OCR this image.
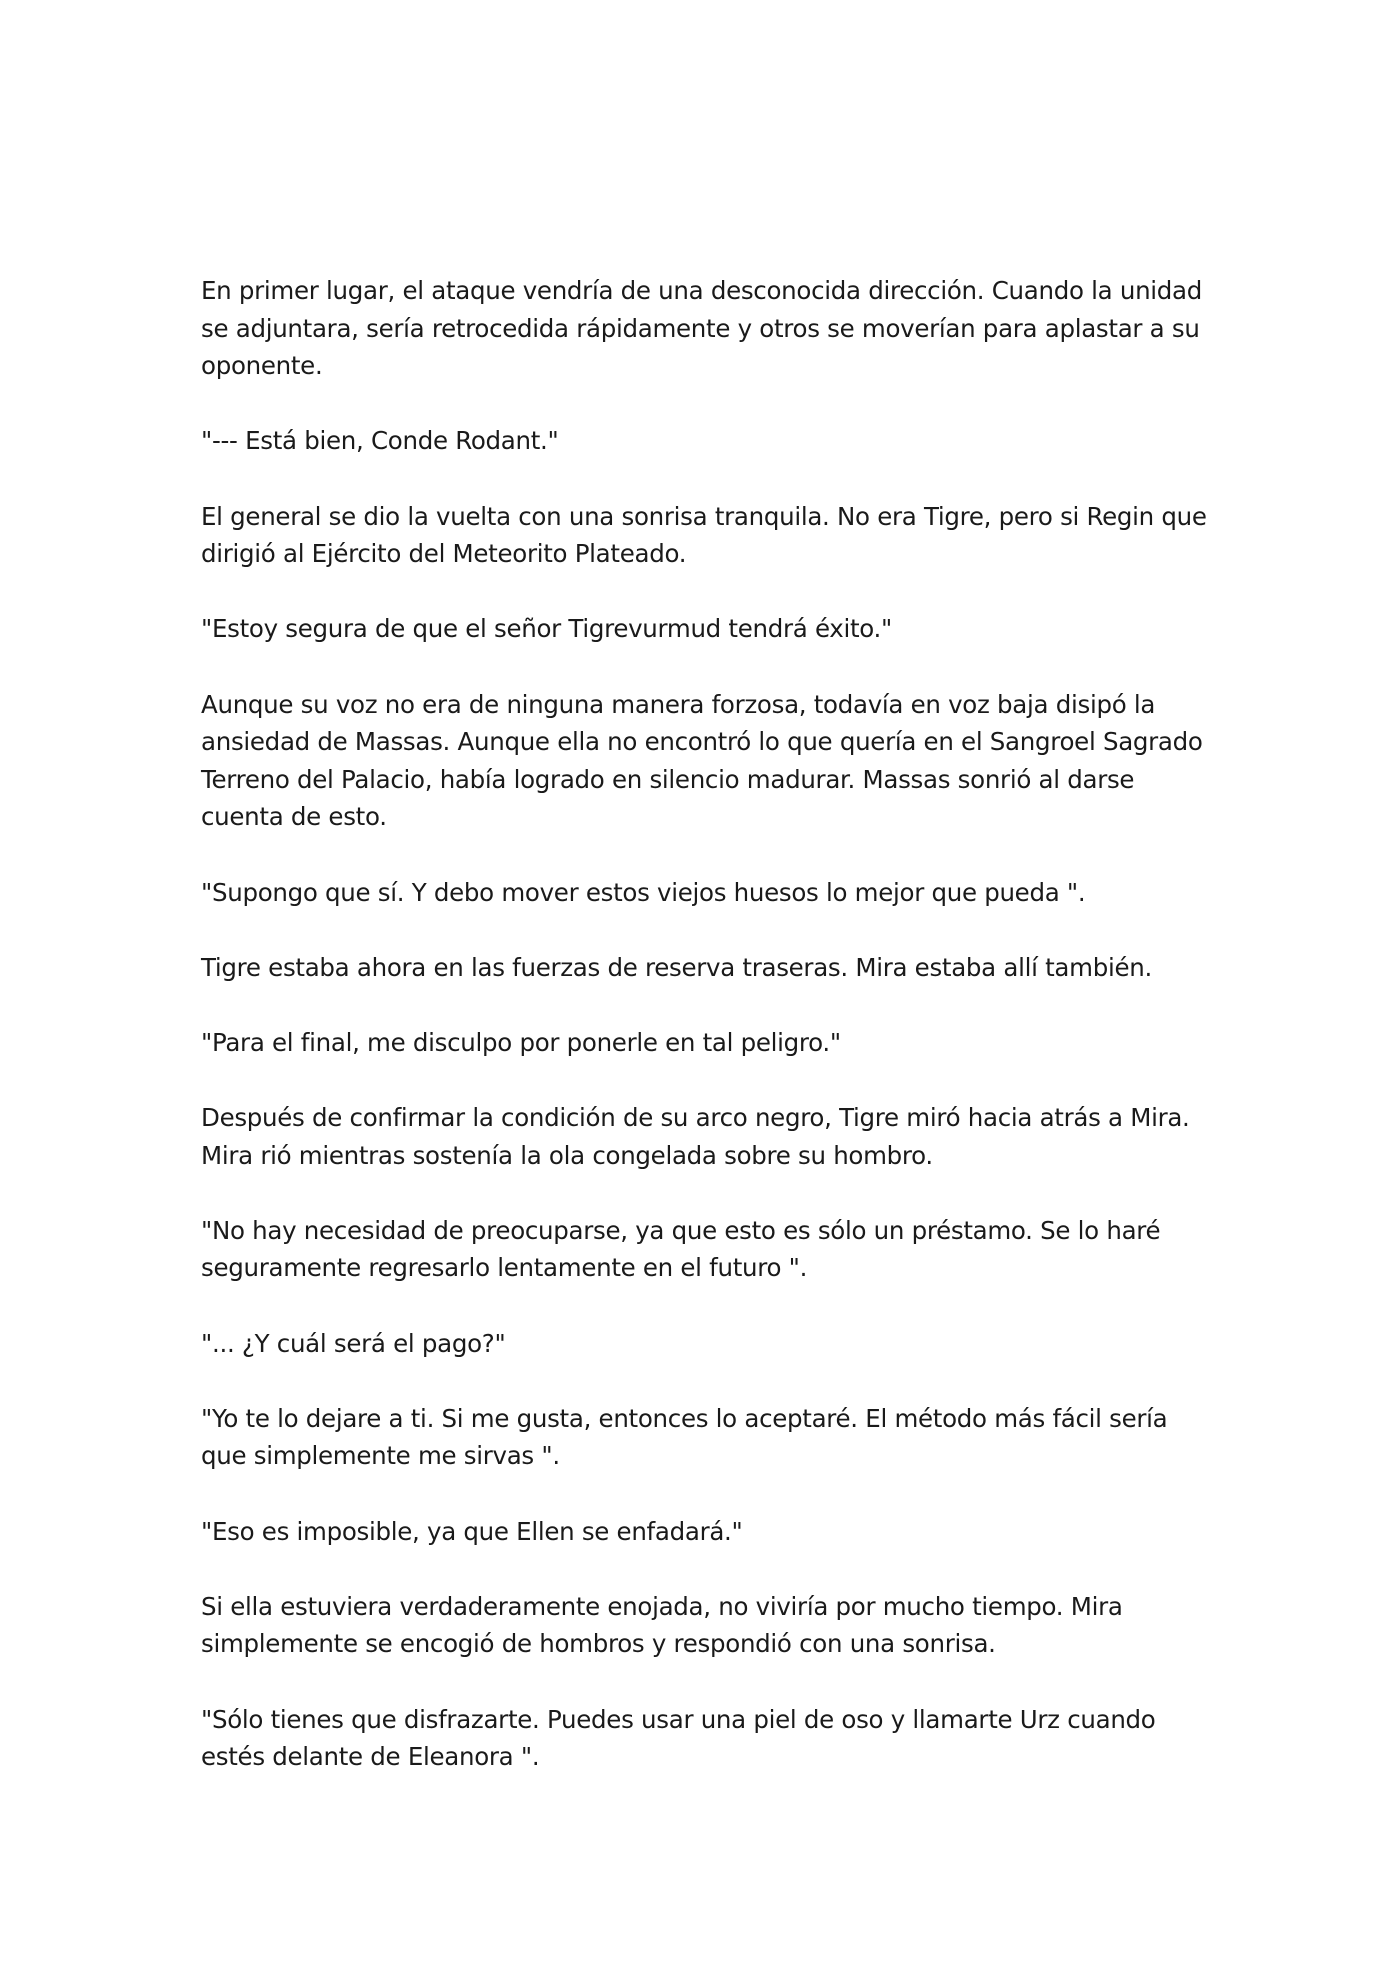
En primer lugar, el ataque vendría de una desconocida dirección. Cuando la unidad se adjuntara, sería retrocedida rápidamente y otros se moverían para aplastar a su oponente.

"--- Está bien, Conde Rodant."

El general se dio la vuelta con una sonrisa tranquila. No era Tigre, pero si Regin que dirigió al Ejército del Meteorito Plateado.

"Estoy segura de que el señor Tigrevurmud tendrá éxito."

Aunque su voz no era de ninguna manera forzosa, todavía en voz baja disipó la ansiedad de Massas. Aunque ella no encontró lo que quería en el Sangroel Sagrado Terreno del Palacio, había logrado en silencio madurar. Massas sonrió al darse cuenta de esto.

"Supongo que sí. Y debo mover estos viejos huesos lo mejor que pueda ".

Tigre estaba ahora en las fuerzas de reserva traseras. Mira estaba allí también.

"Para el final, me disculpo por ponerle en tal peligro."

Después de confirmar la condición de su arco negro, Tigre miró hacia atrás a Mira. Mira rió mientras sostenía la ola congelada sobre su hombro.

"No hay necesidad de preocuparse, ya que esto es sólo un préstamo. Se lo haré seguramente regresarlo lentamente en el futuro ".

"... ¿Y cuál será el pago?"

"Yo te lo dejare a ti. Si me gusta, entonces lo aceptaré. El método más fácil sería que simplemente me sirvas ".

"Eso es imposible, ya que Ellen se enfadará."

Si ella estuviera verdaderamente enojada, no viviría por mucho tiempo. Mira simplemente se encogió de hombros y respondió con una sonrisa.

"Sólo tienes que disfrazarte. Puedes usar una piel de oso y llamarte Urz cuando estés delante de Eleanora ".
